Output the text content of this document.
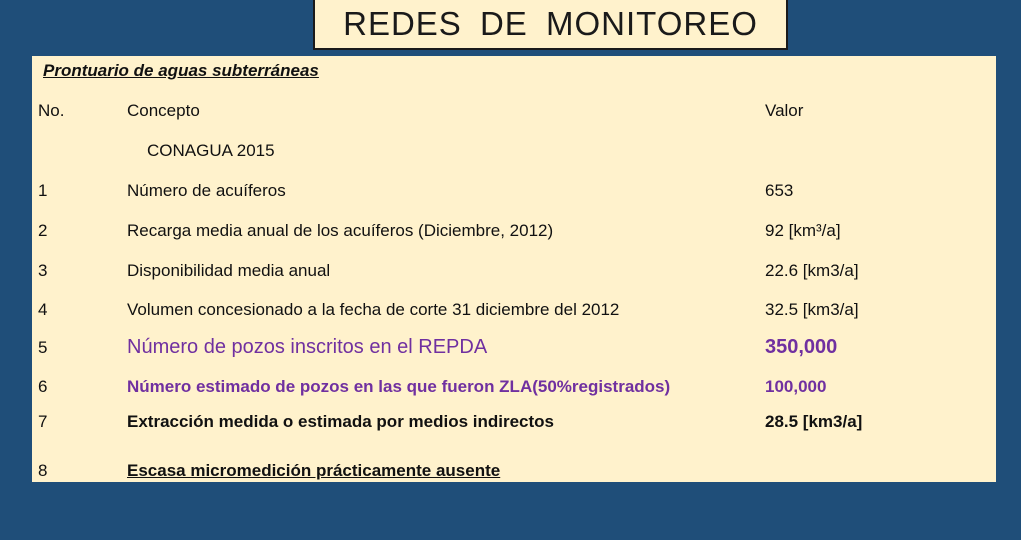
REDES DE MONITOREO
Prontuario de aguas subterráneas
No.	Concepto	Valor
CONAGUA 2015
1	Número de acuíferos	653
2	Recarga media anual de los acuíferos (Diciembre, 2012)	92 [km³/a]
3	Disponibilidad media anual	22.6 [km3/a]
4	Volumen concesionado a la fecha de corte 31 diciembre del 2012	32.5 [km3/a]
5	Número de pozos inscritos en el REPDA	350,000
6	Número estimado de pozos en las que fueron ZLA(50%registrados)	100,000
7	Extracción medida o estimada por medios indirectos	28.5 [km3/a]
8	Escasa micromedición prácticamente ausente
